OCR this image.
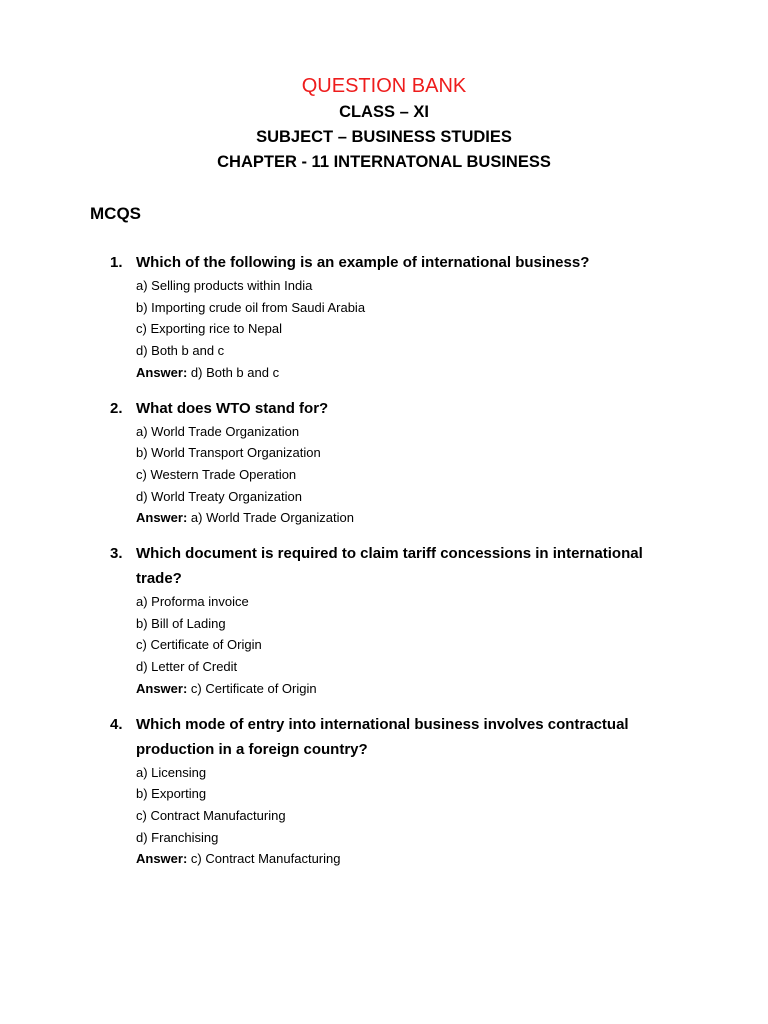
QUESTION BANK
CLASS – XI
SUBJECT – BUSINESS STUDIES
CHAPTER - 11 INTERNATONAL BUSINESS
MCQS
1. Which of the following is an example of international business?
a) Selling products within India
b) Importing crude oil from Saudi Arabia
c) Exporting rice to Nepal
d) Both b and c
Answer: d) Both b and c
2. What does WTO stand for?
a) World Trade Organization
b) World Transport Organization
c) Western Trade Operation
d) World Treaty Organization
Answer: a) World Trade Organization
3. Which document is required to claim tariff concessions in international trade?
a) Proforma invoice
b) Bill of Lading
c) Certificate of Origin
d) Letter of Credit
Answer: c) Certificate of Origin
4. Which mode of entry into international business involves contractual production in a foreign country?
a) Licensing
b) Exporting
c) Contract Manufacturing
d) Franchising
Answer: c) Contract Manufacturing
